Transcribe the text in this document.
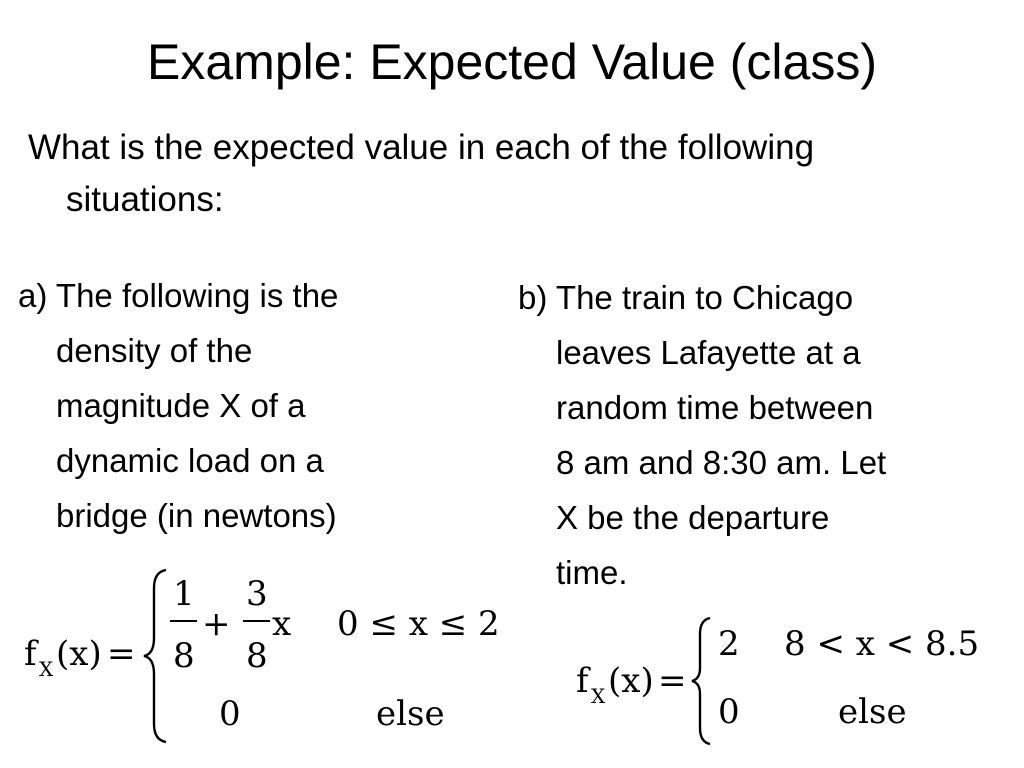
Example: Expected Value (class)
What is the expected value in each of the following
situations:
a) The following is the
density of the
magnitude X of a
dynamic load on a
bridge (in newtons)
b) The train to Chicago
leaves Lafayette at a
random time between
8 am and 8:30 am. Let
X be the departure
time.
f X (x) =
1
8
+
3
8
x 0 ≤ x ≤ 2
0	else
f X (x) =
2 8 < x < 8.5
0	else
